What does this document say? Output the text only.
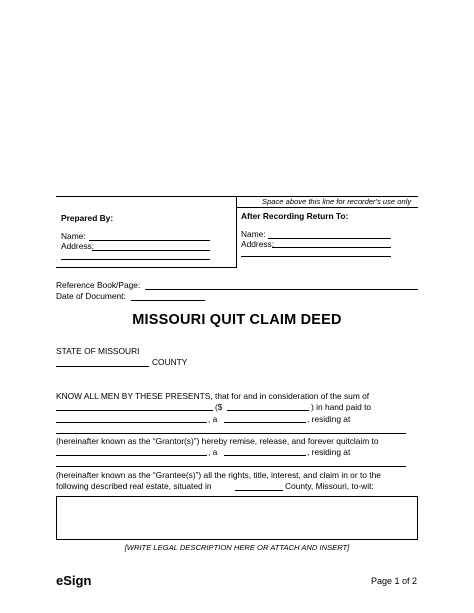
Space above this line for recorder's use only
Prepared By:
Name:
Address:
After Recording Return To:
Name:
Address:
Reference Book/Page:
Date of Document:
MISSOURI QUIT CLAIM DEED
STATE OF MISSOURI
COUNTY
KNOW ALL MEN BY THESE PRESENTS, that for and in consideration of the sum of
($	) in hand paid to
, a	, residing at
(hereinafter known as the “Grantor(s)”) hereby remise, release, and forever quitclaim to
, a	, residing at
(hereinafter known as the “Grantee(s)”) all the rights, title, interest, and claim in or to the
following described real estate, situated in	County, Missouri, to-wit:
[WRITE LEGAL DESCRIPTION HERE OR ATTACH AND INSERT]
eSign	Page 1 of 2
